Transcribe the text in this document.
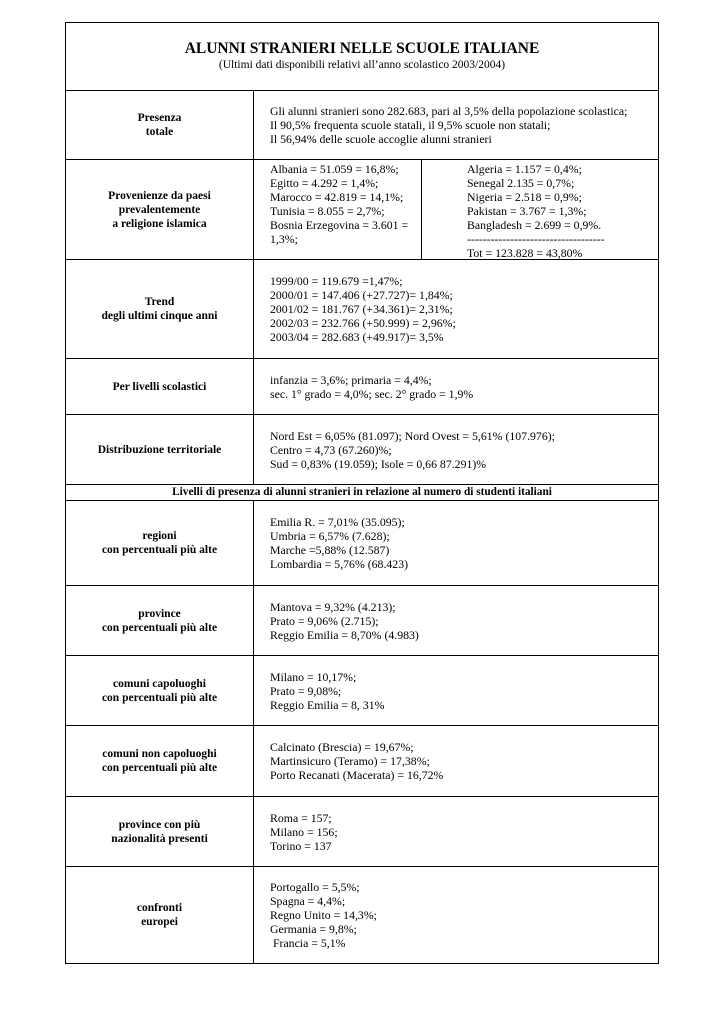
ALUNNI STRANIERI NELLE SCUOLE ITALIANE
(Ultimi dati disponibili relativi all’anno scolastico 2003/2004)
Presenza
totale
Gli alunni stranieri sono 282.683, pari al 3,5% della popolazione scolastica;
Il 90,5% frequenta scuole statali, il 9,5% scuole non statali;
Il 56,94% delle scuole accoglie alunni stranieri
Provenienze da paesi
prevalentemente
a religione islamica
Albania = 51.059 = 16,8%;
Egitto = 4.292 = 1,4%;
Marocco = 42.819 = 14,1%;
Tunisia = 8.055 = 2,7%;
Bosnia Erzegovina = 3.601 =
1,3%;
Algeria = 1.157 = 0,4%;
Senegal 2.135 = 0,7%;
Nigeria = 2.518 = 0,9%;
Pakistan = 3.767 = 1,3%;
Bangladesh = 2.699 = 0,9%.
-----------------------------------
Tot = 123.828 = 43,80%
Trend
degli ultimi cinque anni
1999/00 = 119.679 =1,47%;
2000/01 = 147.406 (+27.727)= 1,84%;
2001/02 = 181.767 (+34.361)= 2,31%;
2002/03 = 232.766 (+50.999) = 2,96%;
2003/04 = 282.683 (+49.917)= 3,5%
Per livelli scolastici	infanzia = 3,6%; primaria = 4,4%;
sec. 1° grado = 4,0%; sec. 2° grado = 1,9%
Distribuzione territoriale
Nord Est = 6,05% (81.097); Nord Ovest = 5,61% (107.976);
Centro = 4,73 (67.260)%;
Sud = 0,83% (19.059); Isole = 0,66 87.291)%
Livelli di presenza di alunni stranieri in relazione al numero di studenti italiani
regioni
con percentuali più alte
Emilia R. = 7,01% (35.095);
Umbria = 6,57% (7.628);
Marche =5,88% (12.587)
Lombardia = 5,76% (68.423)
province
con percentuali più alte
Mantova = 9,32% (4.213);
Prato = 9,06% (2.715);
Reggio Emilia = 8,70% (4.983)
comuni capoluoghi
con percentuali più alte
Milano = 10,17%;
Prato = 9,08%;
Reggio Emilia = 8, 31%
comuni non capoluoghi
con percentuali più alte
Calcinato (Brescia) = 19,67%;
Martinsicuro (Teramo) = 17,38%;
Porto Recanati (Macerata) = 16,72%
province con più
nazionalità presenti
Roma = 157;
Milano = 156;
Torino = 137
confronti
europei
Portogallo = 5,5%;
Spagna = 4,4%;
Regno Unito = 14,3%;
Germania = 9,8%;
Francia = 5,1%
